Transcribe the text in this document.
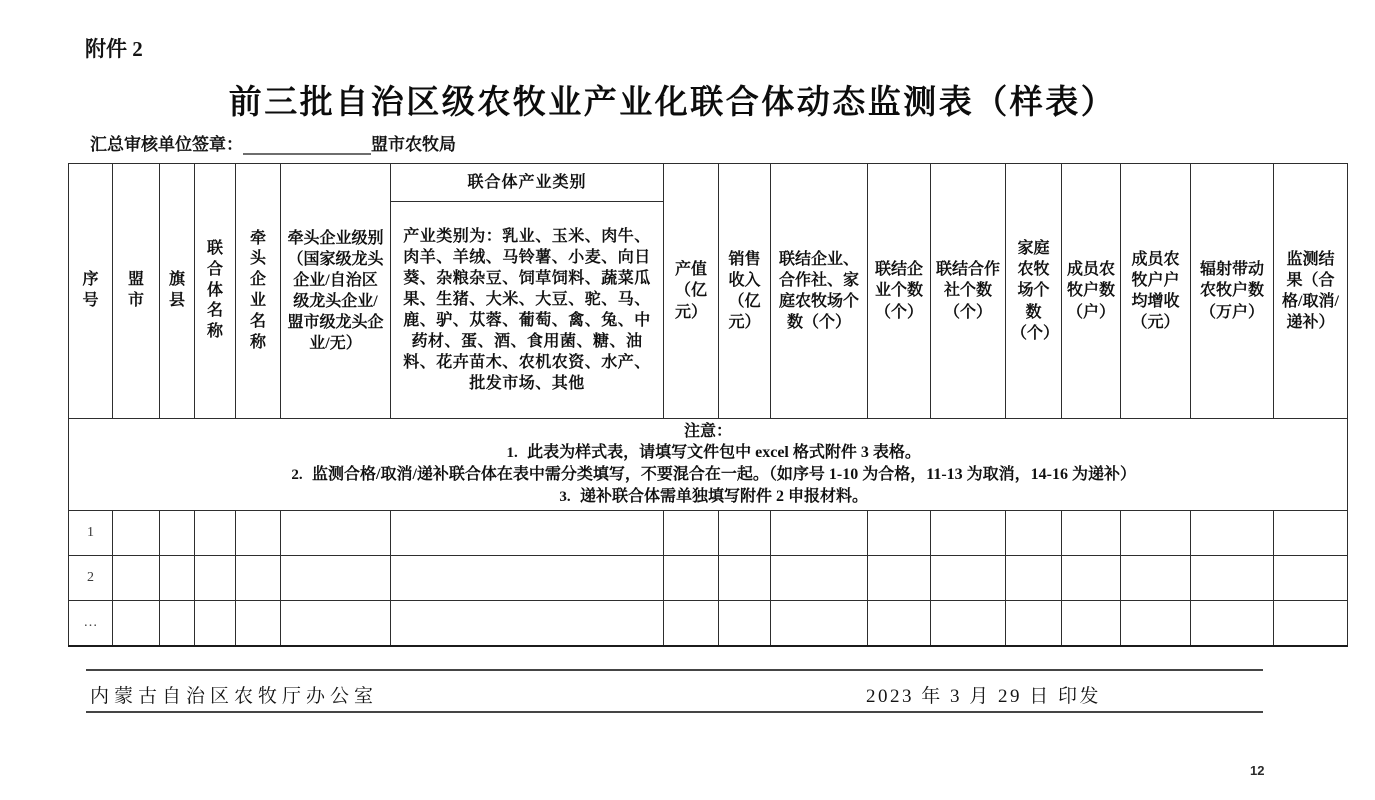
附件 2
前三批自治区级农牧业产业化联合体动态监测表（样表）
汇总审核单位签章：	盟市农牧局
序号	盟市	旗县	联合体名称	牵头企业名称	牵头企业级别（国家级龙头企业/自治区级龙头企业/盟市级龙头企业/无）	联合体产业类别	产值（亿元）	销售收入（亿元）	联结企业、合作社、家庭农牧场个数（个）	联结企业个数（个）	联结合作社个数（个）	家庭农牧场个数（个）	成员农牧户数（户）	成员农牧户户均增收（元）	辐射带动农牧户数（万户）	监测结果（合格/取消/递补）
						产业类别为：乳业、玉米、肉牛、肉羊、羊绒、马铃薯、小麦、向日葵、杂粮杂豆、饲草饲料、蔬菜瓜果、生猪、大米、大豆、驼、马、鹿、驴、苁蓉、葡萄、禽、兔、中药材、蛋、酒、食用菌、糖、油料、花卉苗木、农机农资、水产、批发市场、其他										

注意：
1. 此表为样式表，请填写文件包中 excel 格式附件 3 表格。
2. 监测合格/取消/递补联合体在表中需分类填写，不要混合在一起。（如序号 1-10 为合格，11-13 为取消，14-16 为递补）
3. 递补联合体需单独填写附件 2 申报材料。																

1																
2																
…																
内蒙古自治区农牧厅办公室	2023 年 3 月 29 日 印发
12
